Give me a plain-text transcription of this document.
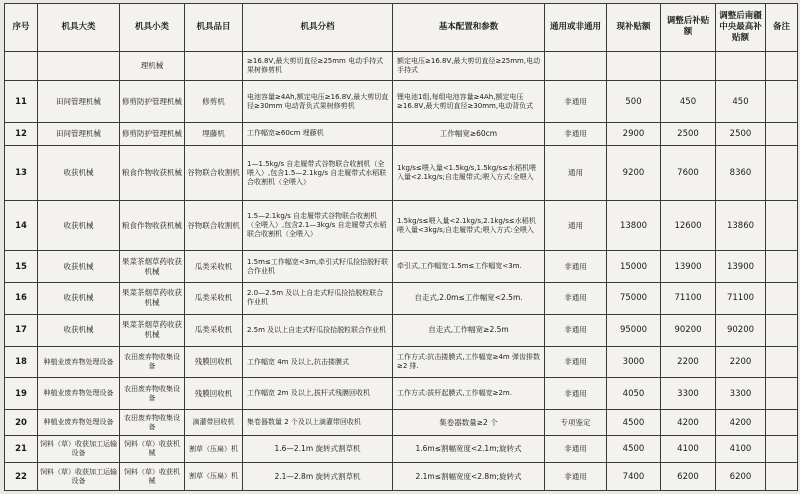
序号	机具大类	机具小类	机具品目	机具分档	基本配置和参数	通用或非通用	现补贴额	调整后补贴额	调整后南疆中央最高补贴额	备注
		理机械		≥16.8V,最大剪切直径≥25mm 电动手持式果树修剪机	额定电压≥16.8V,最大剪切直径≥25mm,电动手持式					
11	田间管理机械	修剪防护管理机械	修剪机	电池容量≥4Ah,额定电压≥16.8V,最大剪切直径≥30mm 电动背负式果树修剪机	锂电池1组,每组电池容量≥4Ah,额定电压≥16.8V,最大剪切直径≥30mm,电动背负式	非通用	500	450	450	
12	田间管理机械	修剪防护管理机械	埋藤机	工作幅宽≥60cm 埋藤机	工作幅宽≥60cm	非通用	2900	2500	2500	
13	收获机械	粮食作物收获机械	谷物联合收割机	1—1.5kg/s 自走履带式谷物联合收割机（全喂入）,包含1.5—2.1kg/s 自走履带式水稻联合收割机（全喂入）	1kg/s≤喂入量<1.5kg/s,1.5kg/s≤水稻机喂入量<2.1kg/s;自走履带式;喂入方式:全喂入	通用	9200	7600	8360	
14	收获机械	粮食作物收获机械	谷物联合收割机	1.5—2.1kg/s 自走履带式谷物联合收割机（全喂入）,包含2.1—3kg/s 自走履带式水稻联合收割机（全喂入）	1.5kg/s≤喂入量<2.1kg/s,2.1kg/s≤水稻机喂入量<3kg/s;自走履带式;喂入方式:全喂入	通用	13800	12600	13860	
15	收获机械	果菜茶烟草药收获机械	瓜类采收机	1.5m≤工作幅宽<3m,牵引式籽瓜捡拾脱籽联合作业机	牵引式,工作幅宽:1.5m≤工作幅宽<3m.	非通用	15000	13900	13900	
16	收获机械	果菜茶烟草药收获机械	瓜类采收机	2.0—2.5m 及以上自走式籽瓜捡拾脱粒联合作业机	自走式,2.0m≤工作幅宽<2.5m.	非通用	75000	71100	71100	
17	收获机械	果菜茶烟草药收获机械	瓜类采收机	2.5m 及以上自走式籽瓜捡拾脱粒联合作业机	自走式,工作幅宽≥2.5m	非通用	95000	90200	90200	
18	种植业废弃物处理设备	农田废弃物收集设备	残膜回收机	工作幅宽 4m 及以上,抗击搂膜式	工作方式:抗击搂膜式,工作幅宽≥4m 弹齿排数≥2 排.	非通用	3000	2200	2200	
19	种植业废弃物处理设备	农田废弃物收集设备	残膜回收机	工作幅宽 2m 及以上,拔杆式残膜回收机	工作方式:拔杆起膜式,工作幅宽≥2m.	非通用	4050	3300	3300	
20	种植业废弃物处理设备	农田废弃物收集设备	滴灌带回收机	集卷器数量 2 个及以上滴灌带回收机	集卷器数量≥2 个	专项鉴定	4500	4200	4200	
21	饲料（草）收获加工运输设备	饲料（草）收获机械	割草（压扁）机	1.6—2.1m 旋转式割草机	1.6m≤割幅宽度<2.1m;旋转式	非通用	4500	4100	4100	
22	饲料（草）收获加工运输设备	饲料（草）收获机械	割草（压扁）机	2.1—2.8m 旋转式割草机	2.1m≤割幅宽度<2.8m;旋转式	非通用	7400	6200	6200	
